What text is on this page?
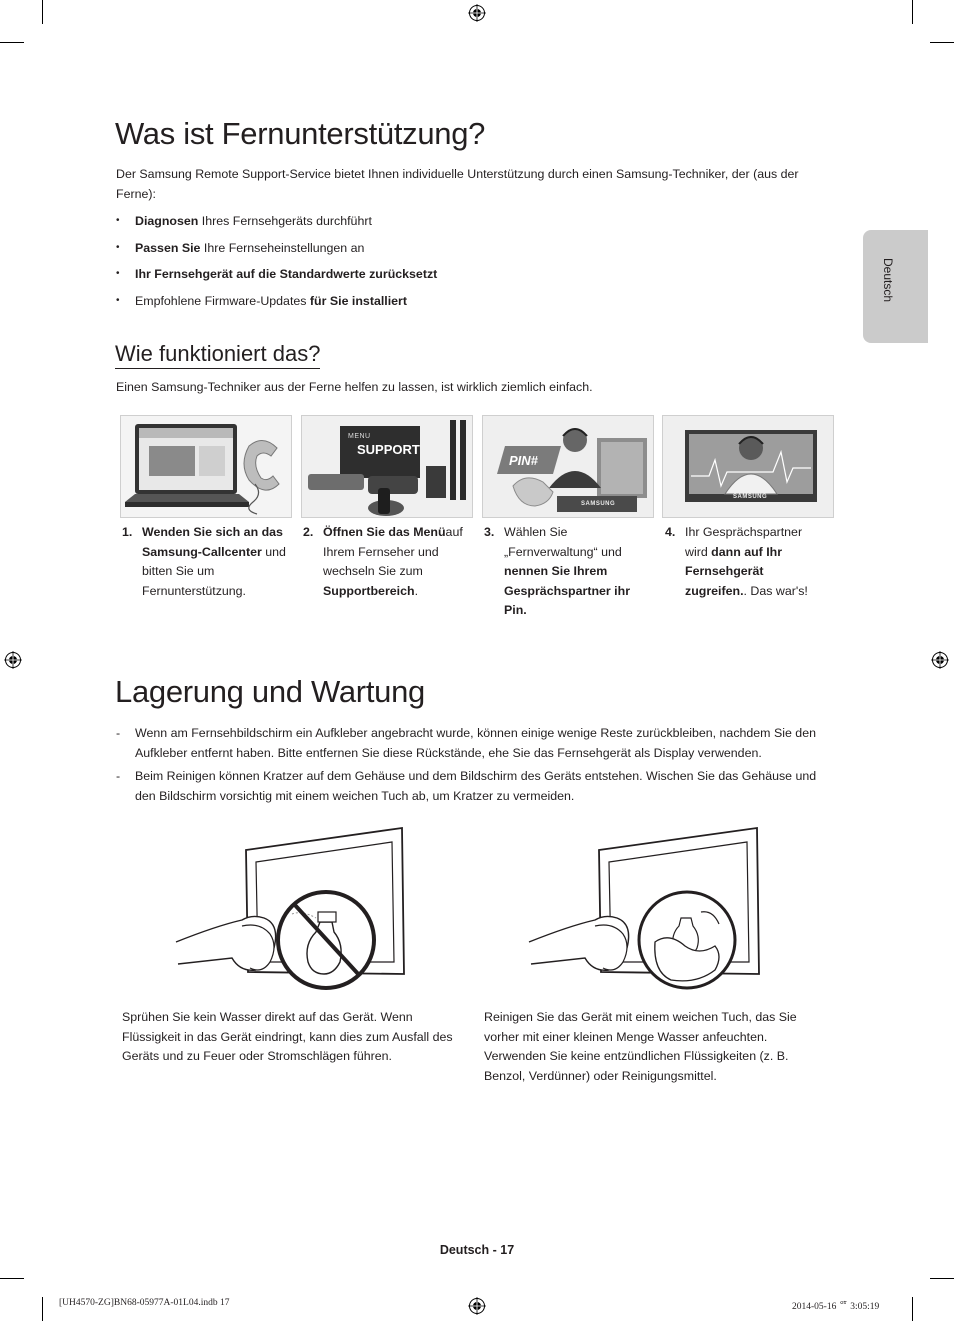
Deutsch
Was ist Fernunterstützung?
Der Samsung Remote Support-Service bietet Ihnen individuelle Unterstützung durch einen Samsung-Techniker, der (aus der Ferne):
• Diagnosen Ihres Fernsehgeräts durchführt
• Passen Sie Ihre Fernseheinstellungen an
• Ihr Fernsehgerät auf die Standardwerte zurücksetzt
• Empfohlene Firmware-Updates für Sie installiert
Wie funktioniert das?
Einen Samsung-Techniker aus der Ferne helfen zu lassen, ist wirklich ziemlich einfach.
MENU
SUPPORT
PIN#
SAMSUNG
SAMSUNG
1. Wenden Sie sich an das Samsung-Callcenter und bitten Sie um Fernunterstützung.
2. Öffnen Sie das Menüauf Ihrem Fernseher und wechseln Sie zum Supportbereich.
3. Wählen Sie „Fernverwaltung“ und nennen Sie Ihrem Gesprächspartner ihr Pin.
4. Ihr Gesprächspartner wird dann auf Ihr Fernsehgerät zugreifen.. Das war's!
Lagerung und Wartung
- Wenn am Fernsehbildschirm ein Aufkleber angebracht wurde, können einige wenige Reste zurückbleiben, nachdem Sie den Aufkleber entfernt haben. Bitte entfernen Sie diese Rückstände, ehe Sie das Fernsehgerät als Display verwenden.
- Beim Reinigen können Kratzer auf dem Gehäuse und dem Bildschirm des Geräts entstehen. Wischen Sie das Gehäuse und den Bildschirm vorsichtig mit einem weichen Tuch ab, um Kratzer zu vermeiden.
Sprühen Sie kein Wasser direkt auf das Gerät. Wenn Flüssigkeit in das Gerät eindringt, kann dies zum Ausfall des Geräts und zu Feuer oder Stromschlägen führen.
Reinigen Sie das Gerät mit einem weichen Tuch, das Sie vorher mit einer kleinen Menge Wasser anfeuchten. Verwenden Sie keine entzündlichen Flüssigkeiten (z. B. Benzol, Verdünner) oder Reinigungsmittel.
Deutsch - 17
[UH4570-ZG]BN68-05977A-01L04.indb 17	2014-05-16 ᄋᄒ 3:05:19
